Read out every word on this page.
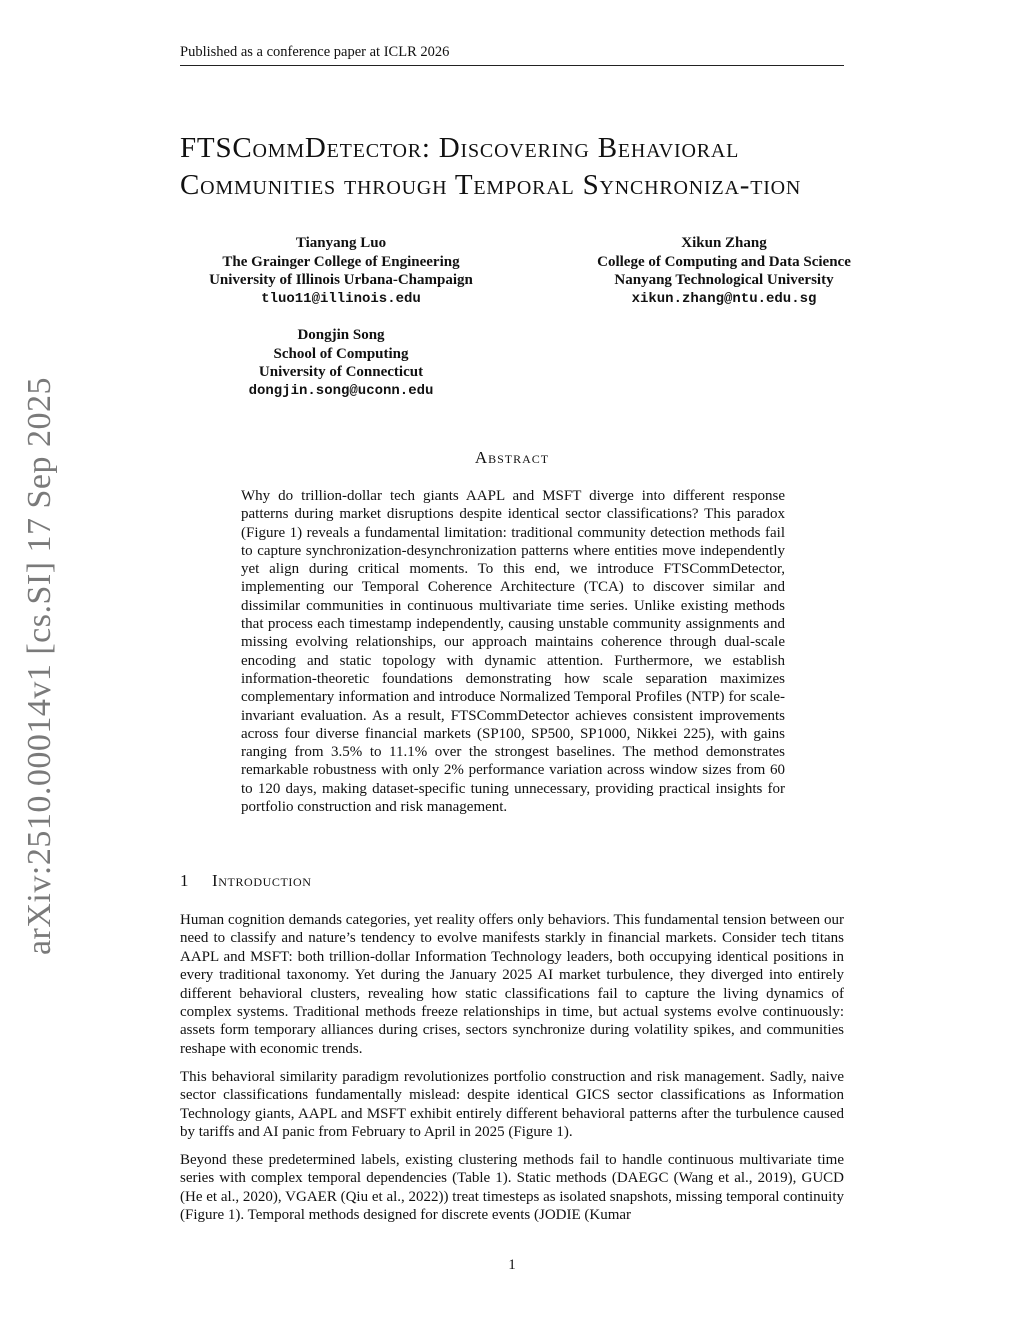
Published as a conference paper at ICLR 2026
FTSCommDetector: Discovering Behavioral Communities through Temporal Synchroniza-tion
Tianyang Luo
The Grainger College of Engineering
University of Illinois Urbana-Champaign
tluo11@illinois.edu
Xikun Zhang
College of Computing and Data Science
Nanyang Technological University
xikun.zhang@ntu.edu.sg
Dongjin Song
School of Computing
University of Connecticut
dongjin.song@uconn.edu
Abstract
Why do trillion-dollar tech giants AAPL and MSFT diverge into different response patterns during market disruptions despite identical sector classifications? This paradox (Figure 1) reveals a fundamental limitation: traditional community detection methods fail to capture synchronization-desynchronization patterns where entities move independently yet align during critical moments. To this end, we introduce FTSCommDetector, implementing our Temporal Coherence Architecture (TCA) to discover similar and dissimilar communities in continuous multivariate time series. Unlike existing methods that process each timestamp independently, causing unstable community assignments and missing evolving relationships, our approach maintains coherence through dual-scale encoding and static topology with dynamic attention. Furthermore, we establish information-theoretic foundations demonstrating how scale separation maximizes complementary information and introduce Normalized Temporal Profiles (NTP) for scale-invariant evaluation. As a result, FTSCommDetector achieves consistent improvements across four diverse financial markets (SP100, SP500, SP1000, Nikkei 225), with gains ranging from 3.5% to 11.1% over the strongest baselines. The method demonstrates remarkable robustness with only 2% performance variation across window sizes from 60 to 120 days, making dataset-specific tuning unnecessary, providing practical insights for portfolio construction and risk management.
1 Introduction
Human cognition demands categories, yet reality offers only behaviors. This fundamental tension between our need to classify and nature’s tendency to evolve manifests starkly in financial markets. Consider tech titans AAPL and MSFT: both trillion-dollar Information Technology leaders, both occupying identical positions in every traditional taxonomy. Yet during the January 2025 AI market turbulence, they diverged into entirely different behavioral clusters, revealing how static classifications fail to capture the living dynamics of complex systems. Traditional methods freeze relationships in time, but actual systems evolve continuously: assets form temporary alliances during crises, sectors synchronize during volatility spikes, and communities reshape with economic trends.
This behavioral similarity paradigm revolutionizes portfolio construction and risk management. Sadly, naive sector classifications fundamentally mislead: despite identical GICS sector classifications as Information Technology giants, AAPL and MSFT exhibit entirely different behavioral patterns after the turbulence caused by tariffs and AI panic from February to April in 2025 (Figure 1).
Beyond these predetermined labels, existing clustering methods fail to handle continuous multivariate time series with complex temporal dependencies (Table 1). Static methods (DAEGC (Wang et al., 2019), GUCD (He et al., 2020), VGAER (Qiu et al., 2022)) treat timesteps as isolated snapshots, missing temporal continuity (Figure 1). Temporal methods designed for discrete events (JODIE (Kumar
1
arXiv:2510.00014v1 [cs.SI] 17 Sep 2025
